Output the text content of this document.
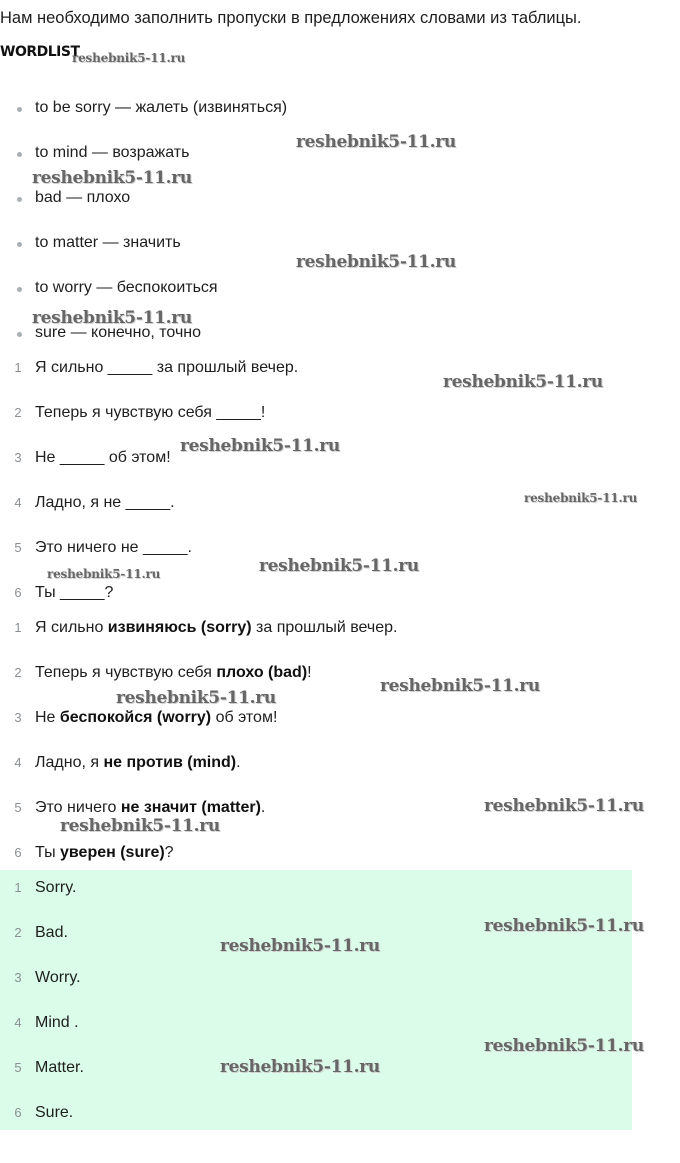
Нам необходимо заполнить пропуски в предложениях словами из таблицы.
WORDLIST
to be sorry — жалеть (извиняться)
to mind — возражать
bad — плохо
to matter — значить
to worry — беспокоиться
sure — конечно, точно
1 Я сильно _____ за прошлый вечер.
2 Теперь я чувствую себя _____!
3 Не _____ об этом!
4 Ладно, я не _____.
5 Это ничего не _____.
6 Ты _____?
1 Я сильно извиняюсь (sorry) за прошлый вечер.
2 Теперь я чувствую себя плохо (bad)!
3 Не беспокойся (worry) об этом!
4 Ладно, я не против (mind).
5 Это ничего не значит (matter).
6 Ты уверен (sure)?
1 Sorry.
2 Bad.
3 Worry.
4 Mind .
5 Matter.
6 Sure.
reshebnik5-11.ru
reshebnik5-11.ru
reshebnik5-11.ru
reshebnik5-11.ru
reshebnik5-11.ru
reshebnik5-11.ru
reshebnik5-11.ru
reshebnik5-11.ru
reshebnik5-11.ru
reshebnik5-11.ru
reshebnik5-11.ru
reshebnik5-11.ru
reshebnik5-11.ru
reshebnik5-11.ru
reshebnik5-11.ru
reshebnik5-11.ru
reshebnik5-11.ru
reshebnik5-11.ru
